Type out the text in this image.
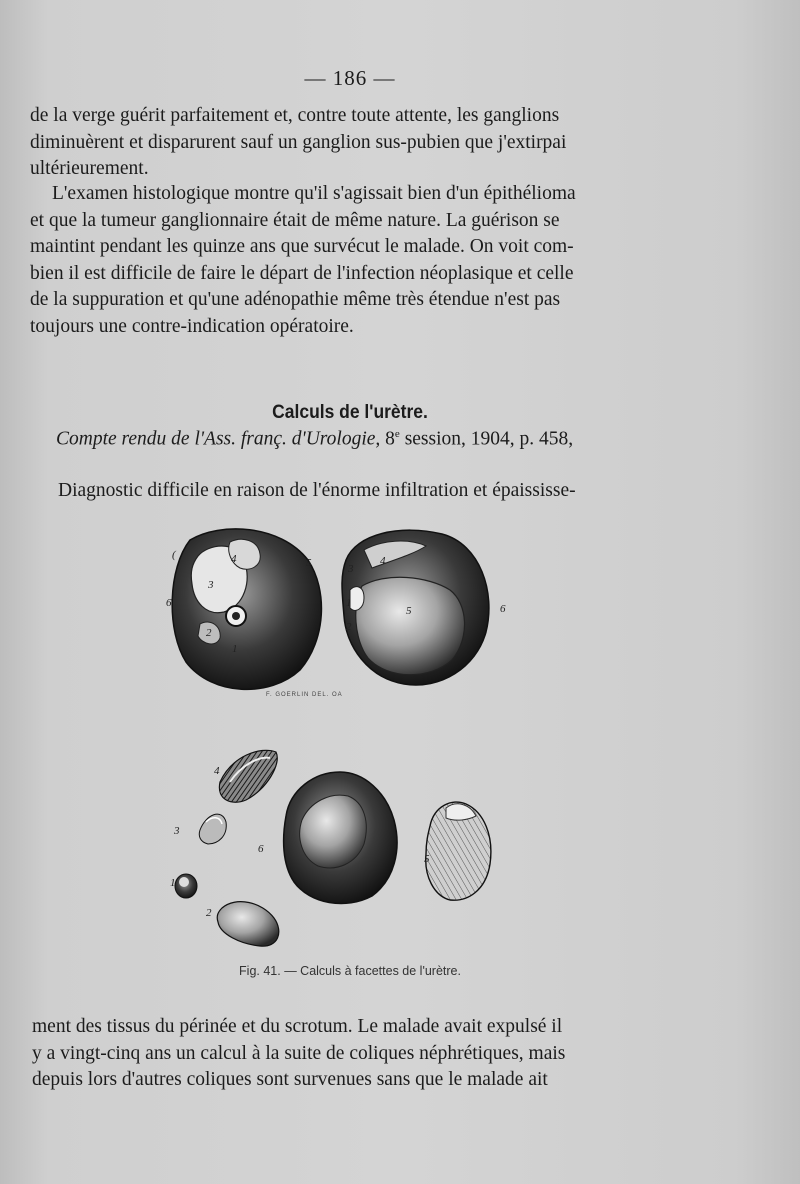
— 186 —
de la verge guérit parfaitement et, contre toute attente, les ganglions
diminuèrent et disparurent sauf un ganglion sus-pubien que j'extirpai
ultérieurement.
L'examen histologique montre qu'il s'agissait bien d'un épithélioma
et que la tumeur ganglionnaire était de même nature. La guérison se
maintint pendant les quinze ans que survécut le malade. On voit com-
bien il est difficile de faire le départ de l'infection néoplasique et celle
de la suppuration et qu'une adénopathie même très étendue n'est pas
toujours une contre-indication opératoire.
Calculs de l'urètre.
Compte rendu de l'Ass. franç. d'Urologie, 8e session, 1904, p. 458,
Diagnostic difficile en raison de l'énorme infiltration et épaississe-
4	5
3
6
(
2
1
3
4
1
5
2
6
4
3
6
1
2
5
F. GOERLIN DEL. OA
Fig. 41. — Calculs à facettes de l'urètre.
ment des tissus du périnée et du scrotum. Le malade avait expulsé il
y a vingt-cinq ans un calcul à la suite de coliques néphrétiques, mais
depuis lors d'autres coliques sont survenues sans que le malade ait
